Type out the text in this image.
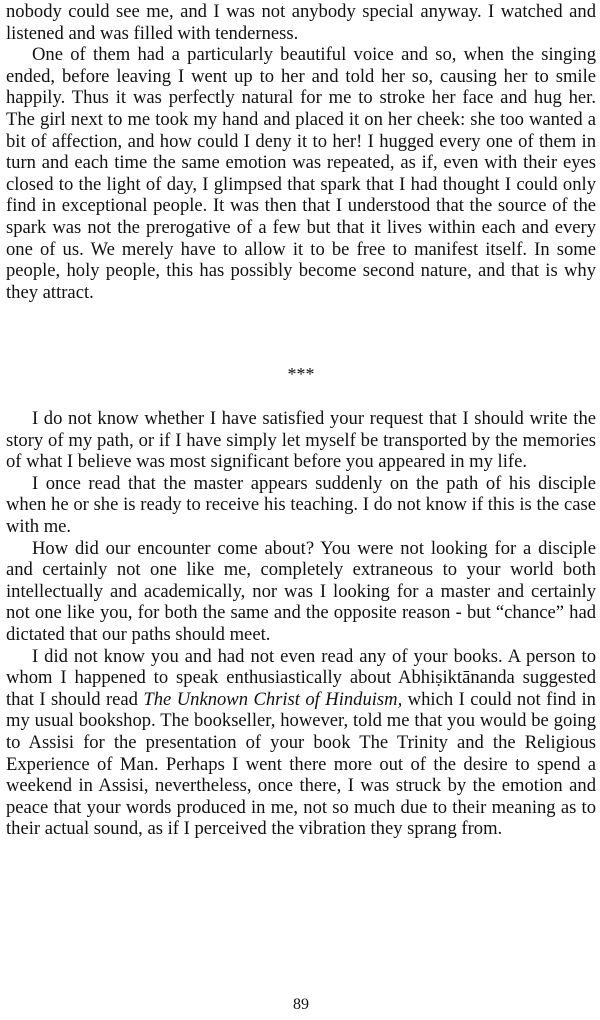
nobody could see me, and I was not anybody special anyway. I watched and listened and was filled with tenderness.

One of them had a particularly beautiful voice and so, when the singing ended, before leaving I went up to her and told her so, causing her to smile happily. Thus it was perfectly natural for me to stroke her face and hug her. The girl next to me took my hand and placed it on her cheek: she too wanted a bit of affection, and how could I deny it to her! I hugged every one of them in turn and each time the same emotion was repeated, as if, even with their eyes closed to the light of day, I glimpsed that spark that I had thought I could only find in exceptional people. It was then that I understood that the source of the spark was not the prerogative of a few but that it lives within each and every one of us. We merely have to allow it to be free to manifest itself. In some people, holy people, this has possibly become second nature, and that is why they attract.

***

I do not know whether I have satisfied your request that I should write the story of my path, or if I have simply let myself be transported by the memories of what I believe was most significant before you appeared in my life.

I once read that the master appears suddenly on the path of his disciple when he or she is ready to receive his teaching. I do not know if this is the case with me.

How did our encounter come about? You were not looking for a disciple and certainly not one like me, completely extraneous to your world both intellectually and academically, nor was I looking for a master and certainly not one like you, for both the same and the opposite reason - but “chance” had dictated that our paths should meet.

I did not know you and had not even read any of your books. A person to whom I happened to speak enthusiastically about Abhiṣiktānanda suggested that I should read The Unknown Christ of Hinduism, which I could not find in my usual bookshop. The bookseller, however, told me that you would be going to Assisi for the presentation of your book The Trinity and the Religious Experience of Man. Perhaps I went there more out of the desire to spend a weekend in Assisi, nevertheless, once there, I was struck by the emotion and peace that your words produced in me, not so much due to their meaning as to their actual sound, as if I perceived the vibration they sprang from.

89
